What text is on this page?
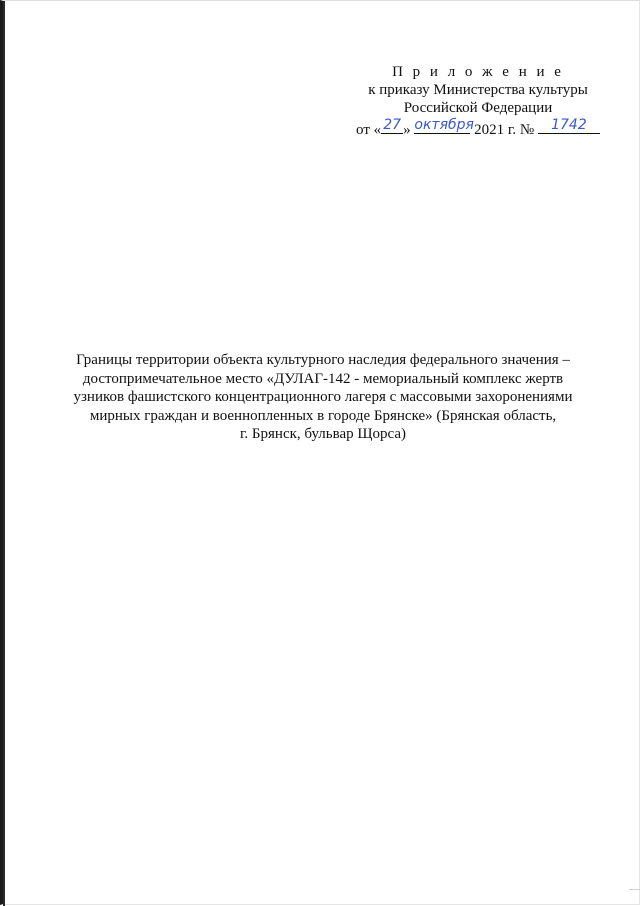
П р и л о ж е н и е
к приказу Министерства культуры
Российской Федерации
от « 27 » октября 2021 г. №	1742
Границы территории объекта культурного наследия федерального значения –
достопримечательное место «ДУЛАГ-142 - мемориальный комплекс жертв
узников фашистского концентрационного лагеря с массовыми захоронениями
мирных граждан и военнопленных в городе Брянске» (Брянская область,
г. Брянск, бульвар Щорса)
